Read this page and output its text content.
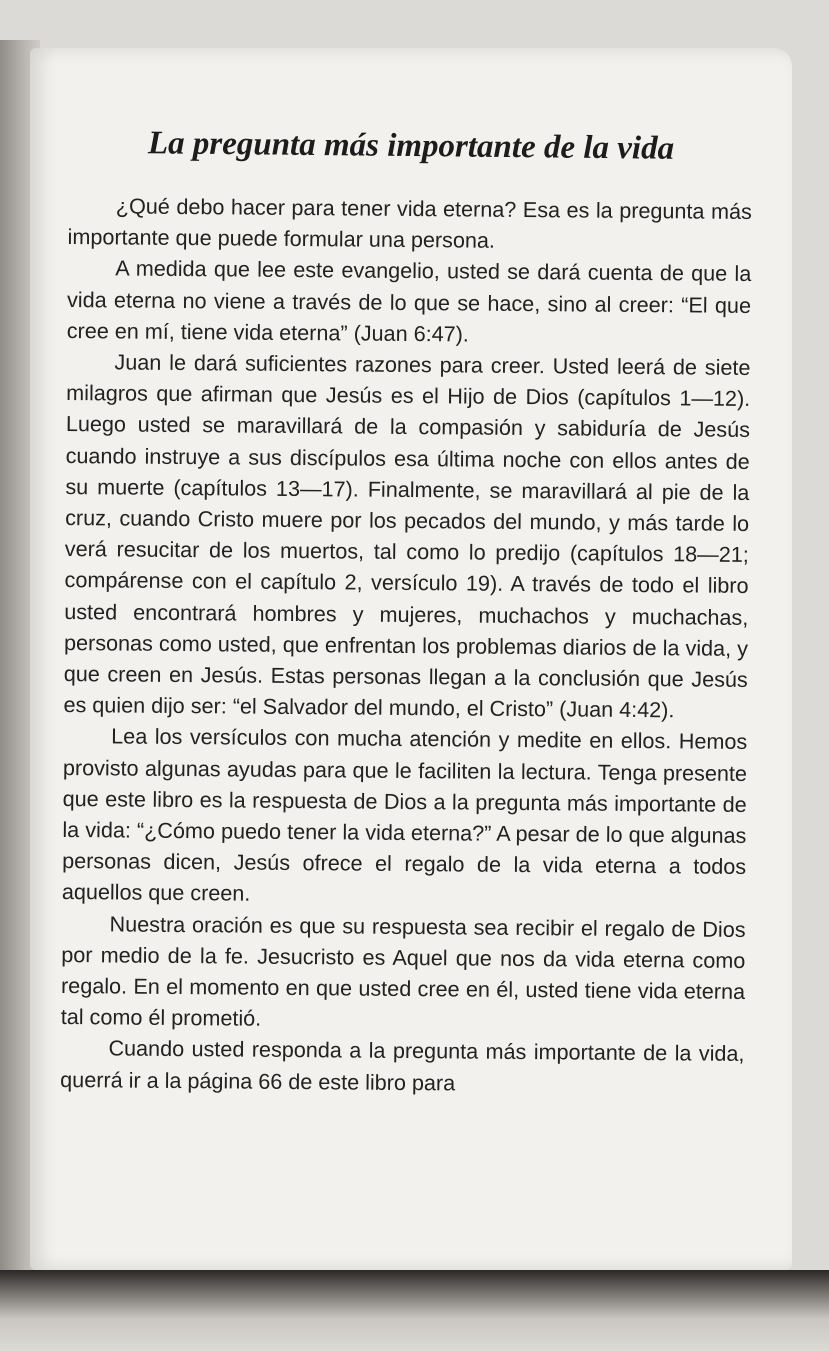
La pregunta más importante de la vida

¿Qué debo hacer para tener vida eterna? Esa es la pregunta más importante que puede formular una persona.

A medida que lee este evangelio, usted se dará cuenta de que la vida eterna no viene a través de lo que se hace, sino al creer: “El que cree en mí, tiene vida eterna” (Juan 6:47).

Juan le dará suficientes razones para creer. Usted leerá de siete milagros que afirman que Jesús es el Hijo de Dios (capítulos 1—12). Luego usted se maravillará de la compasión y sabiduría de Jesús cuando instruye a sus discípulos esa última noche con ellos antes de su muerte (capítulos 13—17). Finalmente, se maravillará al pie de la cruz, cuando Cristo muere por los pecados del mundo, y más tarde lo verá resucitar de los muertos, tal como lo predijo (capítulos 18—21; compárense con el capítulo 2, versículo 19). A través de todo el libro usted encontrará hombres y mujeres, muchachos y muchachas, personas como usted, que enfrentan los problemas diarios de la vida, y que creen en Jesús. Estas personas llegan a la conclusión que Jesús es quien dijo ser: “el Salvador del mundo, el Cristo” (Juan 4:42).

Lea los versículos con mucha atención y medite en ellos. Hemos provisto algunas ayudas para que le faciliten la lectura. Tenga presente que este libro es la respuesta de Dios a la pregunta más importante de la vida: “¿Cómo puedo tener la vida eterna?” A pesar de lo que algunas personas dicen, Jesús ofrece el regalo de la vida eterna a todos aquellos que creen.

Nuestra oración es que su respuesta sea recibir el regalo de Dios por medio de la fe. Jesucristo es Aquel que nos da vida eterna como regalo. En el momento en que usted cree en él, usted tiene vida eterna tal como él prometió.

Cuando usted responda a la pregunta más importante de la vida, querrá ir a la página 66 de este libro para
